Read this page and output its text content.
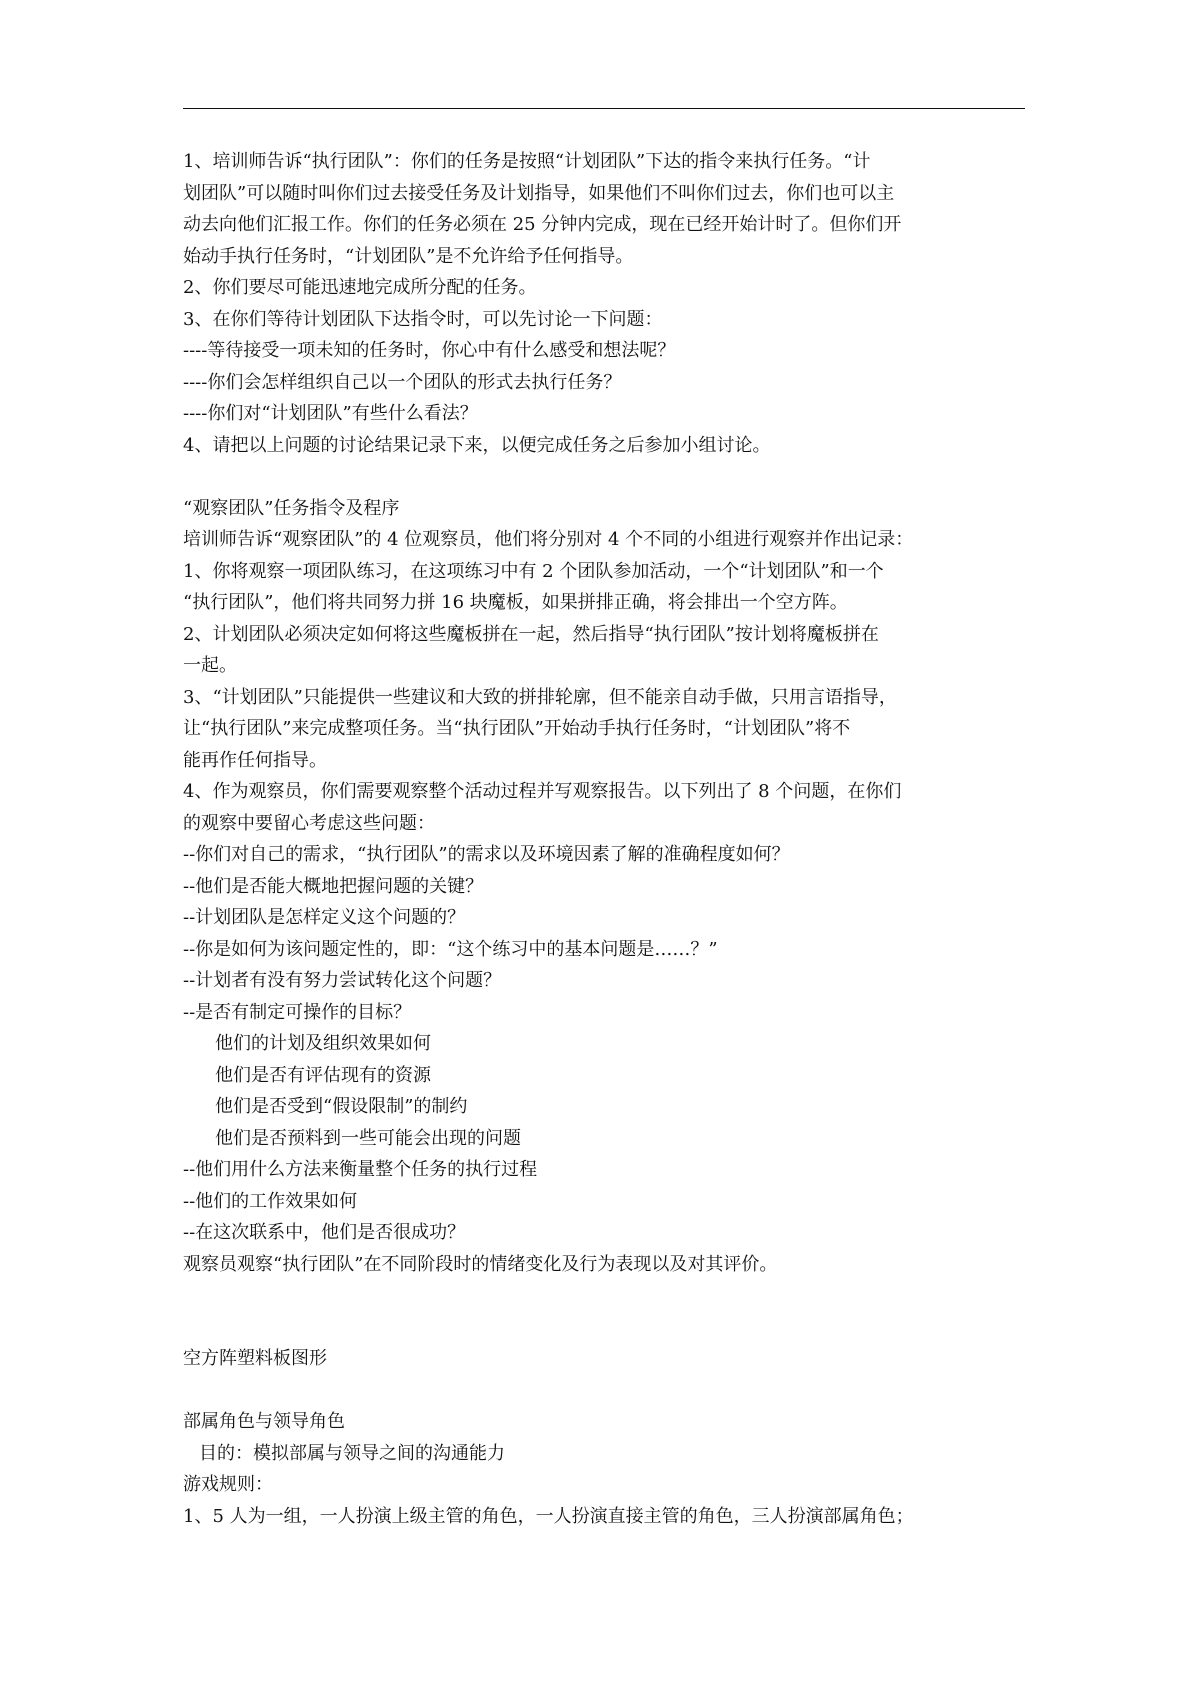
1、培训师告诉“执行团队”：你们的任务是按照“计划团队”下达的指令来执行任务。“计
划团队”可以随时叫你们过去接受任务及计划指导，如果他们不叫你们过去，你们也可以主
动去向他们汇报工作。你们的任务必须在 25 分钟内完成，现在已经开始计时了。但你们开
始动手执行任务时，“计划团队”是不允许给予任何指导。
2、你们要尽可能迅速地完成所分配的任务。
3、在你们等待计划团队下达指令时，可以先讨论一下问题：
----等待接受一项未知的任务时，你心中有什么感受和想法呢？
----你们会怎样组织自己以一个团队的形式去执行任务？
----你们对“计划团队”有些什么看法？
4、请把以上问题的讨论结果记录下来，以便完成任务之后参加小组讨论。
“观察团队”任务指令及程序
培训师告诉“观察团队”的 4 位观察员，他们将分别对 4 个不同的小组进行观察并作出记录：
1、你将观察一项团队练习，在这项练习中有 2 个团队参加活动，一个“计划团队”和一个
“执行团队”，他们将共同努力拼 16 块魔板，如果拼排正确，将会排出一个空方阵。
2、计划团队必须决定如何将这些魔板拼在一起，然后指导“执行团队”按计划将魔板拼在
一起。
3、“计划团队”只能提供一些建议和大致的拼排轮廓，但不能亲自动手做，只用言语指导，
让“执行团队”来完成整项任务。当“执行团队”开始动手执行任务时，“计划团队”将不
能再作任何指导。
4、作为观察员，你们需要观察整个活动过程并写观察报告。以下列出了 8 个问题，在你们
的观察中要留心考虑这些问题：
--你们对自己的需求，“执行团队”的需求以及环境因素了解的准确程度如何？
--他们是否能大概地把握问题的关键？
--计划团队是怎样定义这个问题的？
--你是如何为该问题定性的，即：“这个练习中的基本问题是……？”
--计划者有没有努力尝试转化这个问题？
--是否有制定可操作的目标？
他们的计划及组织效果如何
他们是否有评估现有的资源
他们是否受到“假设限制”的制约
他们是否预料到一些可能会出现的问题
--他们用什么方法来衡量整个任务的执行过程
--他们的工作效果如何
--在这次联系中，他们是否很成功？
观察员观察“执行团队”在不同阶段时的情绪变化及行为表现以及对其评价。
空方阵塑料板图形
部属角色与领导角色
目的：模拟部属与领导之间的沟通能力
游戏规则：
1、5 人为一组，一人扮演上级主管的角色，一人扮演直接主管的角色，三人扮演部属角色；
